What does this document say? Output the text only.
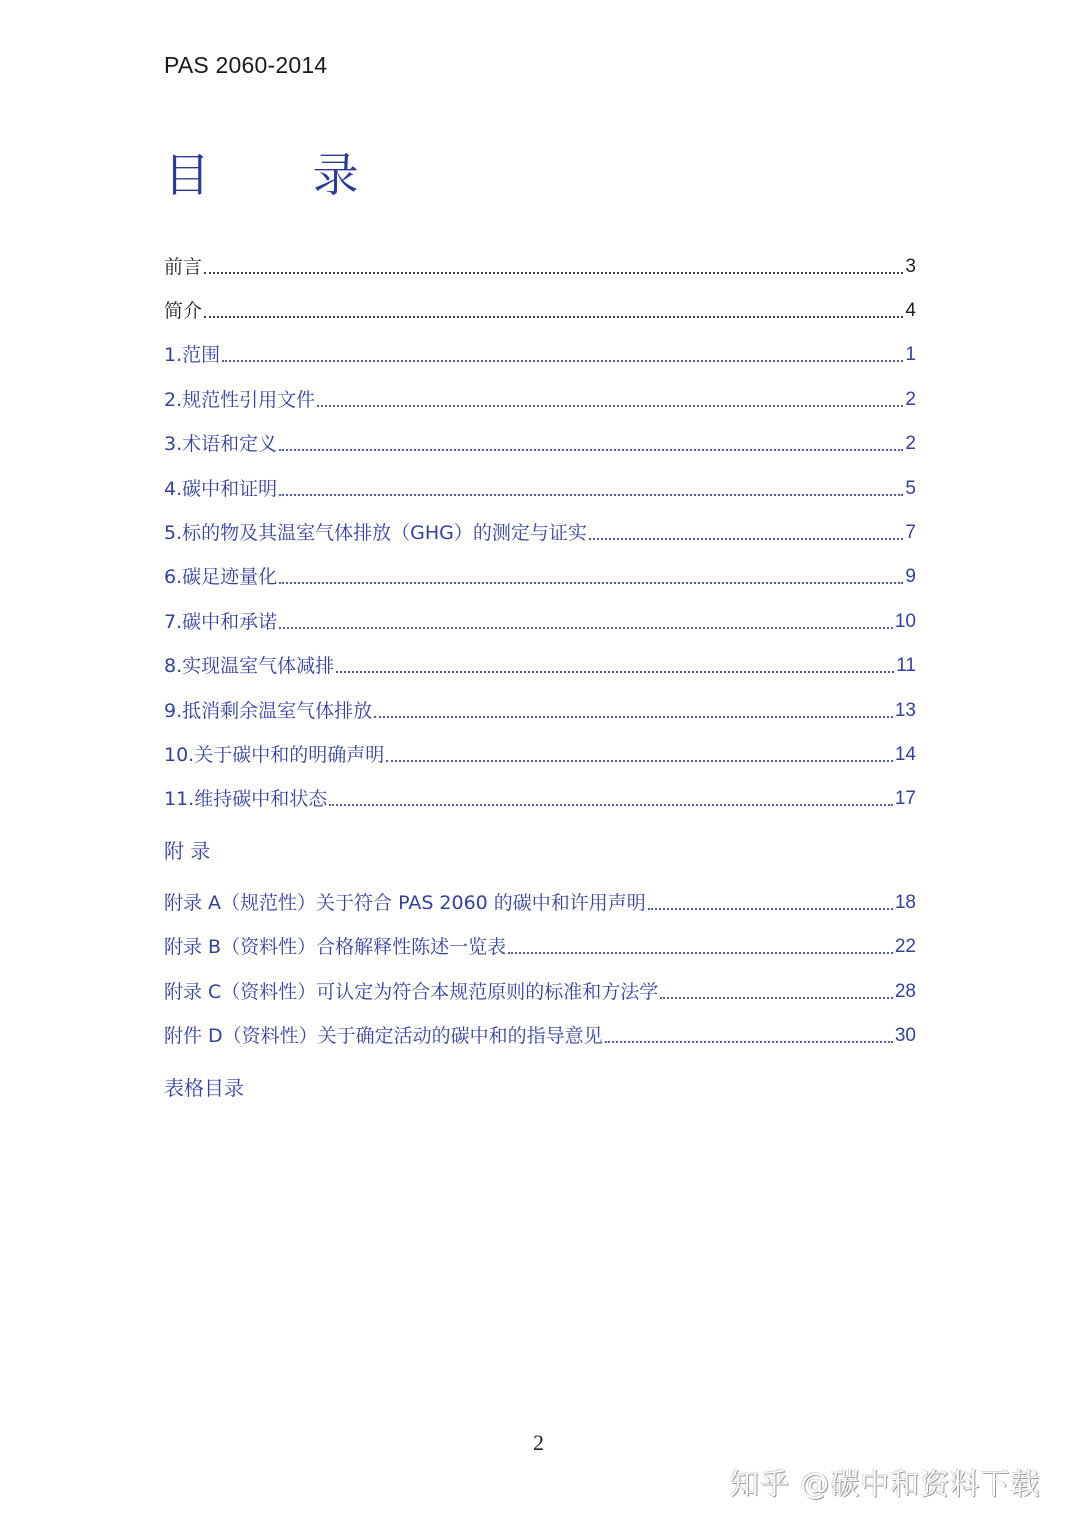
PAS 2060-2014
目 录
前言	3
简介	4
1.范围	1
2.规范性引用文件	2
3.术语和定义	2
4.碳中和证明	5
5.标的物及其温室气体排放（GHG）的测定与证实	7
6.碳足迹量化	9
7.碳中和承诺	10
8.实现温室气体减排	11
9.抵消剩余温室气体排放	13
10.关于碳中和的明确声明	14
11.维持碳中和状态	17
附 录
附录 A（规范性）关于符合 PAS 2060 的碳中和许用声明	18
附录 B（资料性）合格解释性陈述一览表	22
附录 C（资料性）可认定为符合本规范原则的标准和方法学	28
附件 D（资料性）关于确定活动的碳中和的指导意见	30
表格目录
2
知乎 @碳中和资料下载
